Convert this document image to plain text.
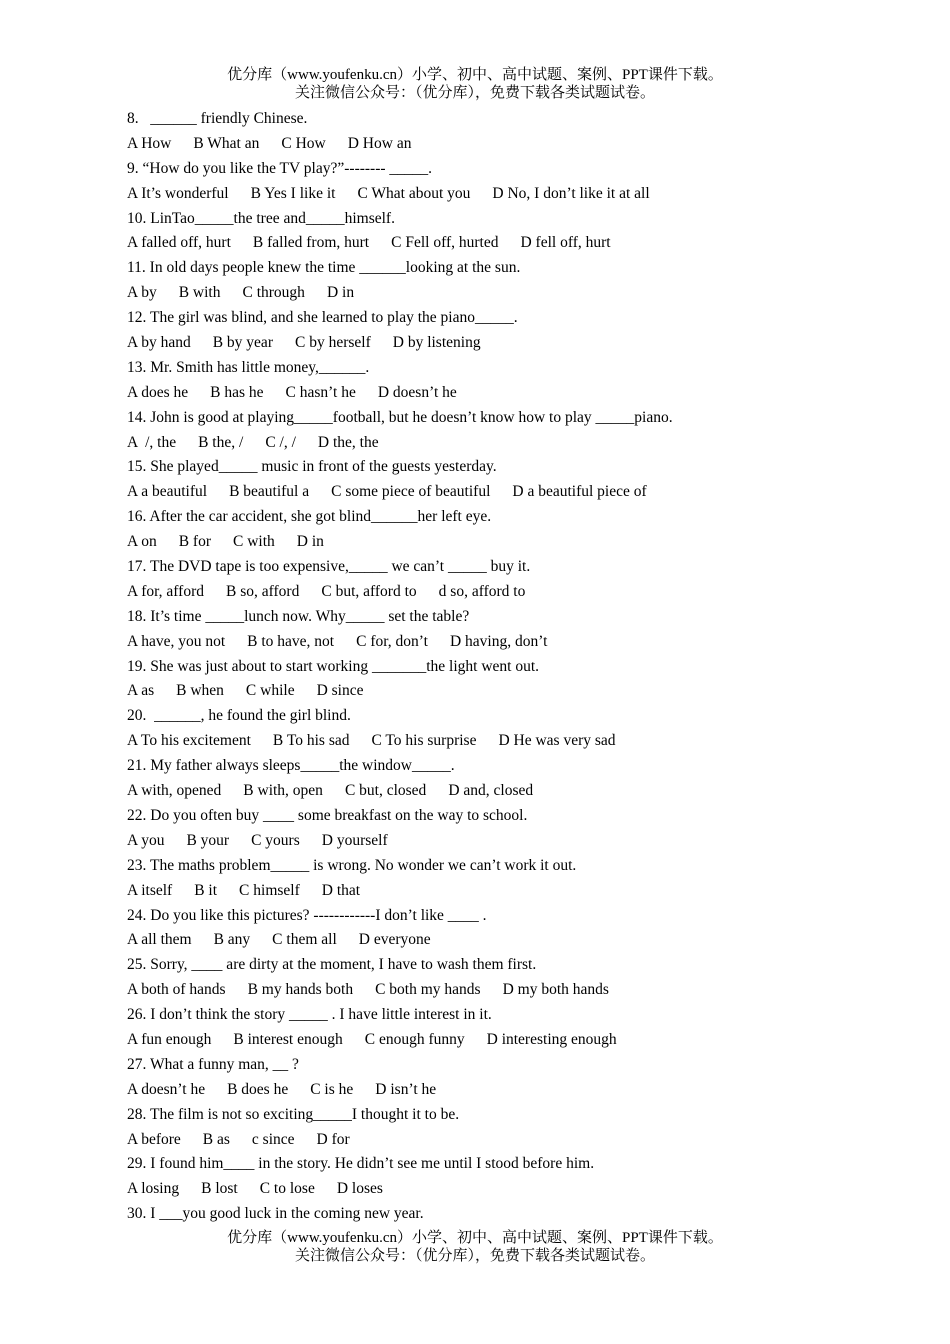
优分库（www.youfenku.cn）小学、初中、高中试题、案例、PPT课件下载。
关注微信公众号：（优分库），免费下载各类试题试卷。
8.   ______ friendly Chinese.
A How B What an C How D How an
9. “How do you like the TV play?”-------- _____.
A It’s wonderful B Yes I like it C What about you D No, I don’t like it at all
10. LinTao_____the tree and_____himself.
A falled off, hurt B falled from, hurt C Fell off, hurted D fell off, hurt
11. In old days people knew the time ______looking at the sun.
A by B with C through D in
12. The girl was blind, and she learned to play the piano_____.
A by hand B by year C by herself D by listening
13. Mr. Smith has little money,______.
A does he B has he C hasn’t he D doesn’t he
14. John is good at playing_____football, but he doesn’t know how to play _____piano.
A  /, the B the, / C /, / D the, the
15. She played_____ music in front of the guests yesterday.
A a beautiful B beautiful a C some piece of beautiful D a beautiful piece of
16. After the car accident, she got blind______her left eye.
A on B for C with D in
17. The DVD tape is too expensive,_____ we can’t _____ buy it.
A for, afford B so, afford C but, afford to d so, afford to
18. It’s time _____lunch now. Why_____ set the table?
A have, you not B to have, not C for, don’t D having, don’t
19. She was just about to start working _______the light went out.
A as B when C while D since
20.  ______, he found the girl blind.
A To his excitement B To his sad C To his surprise D He was very sad
21. My father always sleeps_____the window_____.
A with, opened B with, open C but, closed D and, closed
22. Do you often buy ____ some breakfast on the way to school.
A you B your C yours D yourself
23. The maths problem_____ is wrong. No wonder we can’t work it out.
A itself B it C himself D that
24. Do you like this pictures? ------------I don’t like ____ .
A all them B any C them all D everyone
25. Sorry, ____ are dirty at the moment, I have to wash them first.
A both of hands B my hands both C both my hands D my both hands
26. I don’t think the story _____ . I have little interest in it.
A fun enough B interest enough C enough funny D interesting enough
27. What a funny man, __ ?
A doesn’t he B does he C is he D isn’t he
28. The film is not so exciting_____I thought it to be.
A before B as c since D for
29. I found him____ in the story. He didn’t see me until I stood before him.
A losing B lost C to lose D loses
30. I ___you good luck in the coming new year.
优分库（www.youfenku.cn）小学、初中、高中试题、案例、PPT课件下载。
关注微信公众号：（优分库），免费下载各类试题试卷。
